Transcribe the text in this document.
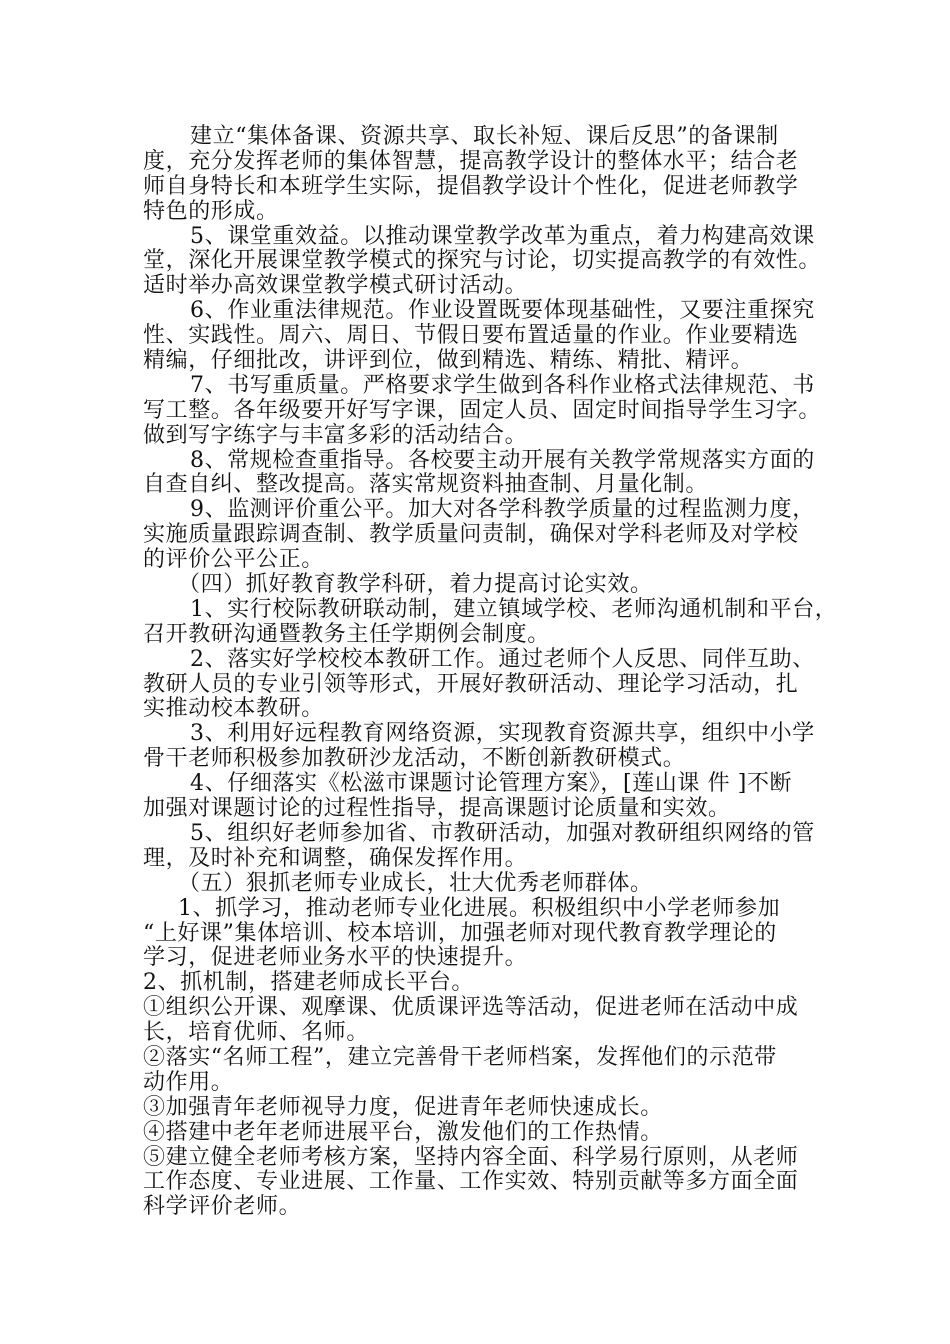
建立“集体备课、资源共享、取长补短、课后反思”的备课制
度，充分发挥老师的集体智慧，提高教学设计的整体水平；结合老
师自身特长和本班学生实际，提倡教学设计个性化，促进老师教学
特色的形成。
5、课堂重效益。以推动课堂教学改革为重点，着力构建高效课
堂，深化开展课堂教学模式的探究与讨论，切实提高教学的有效性。
适时举办高效课堂教学模式研讨活动。
6、作业重法律规范。作业设置既要体现基础性，又要注重探究
性、实践性。周六、周日、节假日要布置适量的作业。作业要精选
精编，仔细批改，讲评到位，做到精选、精练、精批、精评。
7、书写重质量。严格要求学生做到各科作业格式法律规范、书
写工整。各年级要开好写字课，固定人员、固定时间指导学生习字。
做到写字练字与丰富多彩的活动结合。
8、常规检查重指导。各校要主动开展有关教学常规落实方面的
自查自纠、整改提高。落实常规资料抽查制、月量化制。
9、监测评价重公平。加大对各学科教学质量的过程监测力度，
实施质量跟踪调查制、教学质量问责制，确保对学科老师及对学校
的评价公平公正。
（四）抓好教育教学科研，着力提高讨论实效。
1、实行校际教研联动制，建立镇域学校、老师沟通机制和平台，
召开教研沟通暨教务主任学期例会制度。
2、落实好学校校本教研工作。通过老师个人反思、同伴互助、
教研人员的专业引领等形式，开展好教研活动、理论学习活动，扎
实推动校本教研。
3、利用好远程教育网络资源，实现教育资源共享，组织中小学
骨干老师积极参加教研沙龙活动，不断创新教研模式。
4、仔细落实《松滋市课题讨论管理方案》，[莲山课 件 ]不断
加强对课题讨论的过程性指导，提高课题讨论质量和实效。
5、组织好老师参加省、市教研活动，加强对教研组织网络的管
理，及时补充和调整，确保发挥作用。
（五）狠抓老师专业成长，壮大优秀老师群体。
1、抓学习，推动老师专业化进展。积极组织中小学老师参加
“上好课”集体培训、校本培训，加强老师对现代教育教学理论的
学习，促进老师业务水平的快速提升。
2、抓机制，搭建老师成长平台。
①组织公开课、观摩课、优质课评选等活动，促进老师在活动中成
长，培育优师、名师。
②落实“名师工程”，建立完善骨干老师档案，发挥他们的示范带
动作用。
③加强青年老师视导力度，促进青年老师快速成长。
④搭建中老年老师进展平台，激发他们的工作热情。
⑤建立健全老师考核方案，坚持内容全面、科学易行原则，从老师
工作态度、专业进展、工作量、工作实效、特别贡献等多方面全面
科学评价老师。
